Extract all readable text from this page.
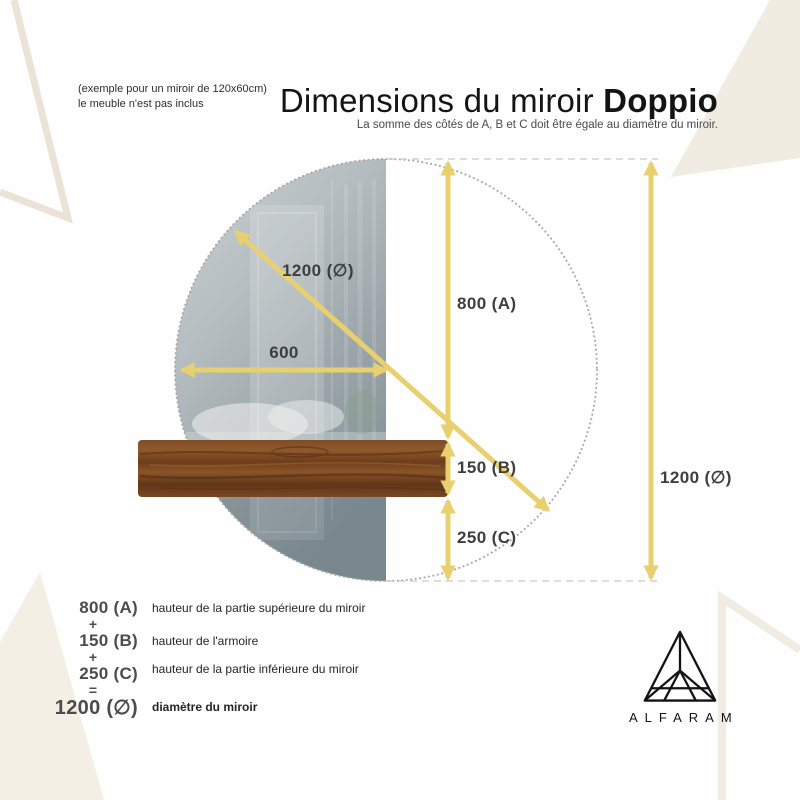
(exemple pour un miroir de 120x60cm)
le meuble n'est pas inclus	Dimensions du miroir Doppio
La somme des côtés de A, B et C doit être égale au diamètre du miroir.
1200 (∅)
600
800 (A)
150 (B)
250 (C)
1200 (∅)
800 (A) hauteur de la partie supérieure du miroir
+
150 (B) hauteur de l'armoire
+
250 (C) hauteur de la partie inférieure du miroir
=
1200 (∅) diamètre du miroir
ALFARAM
